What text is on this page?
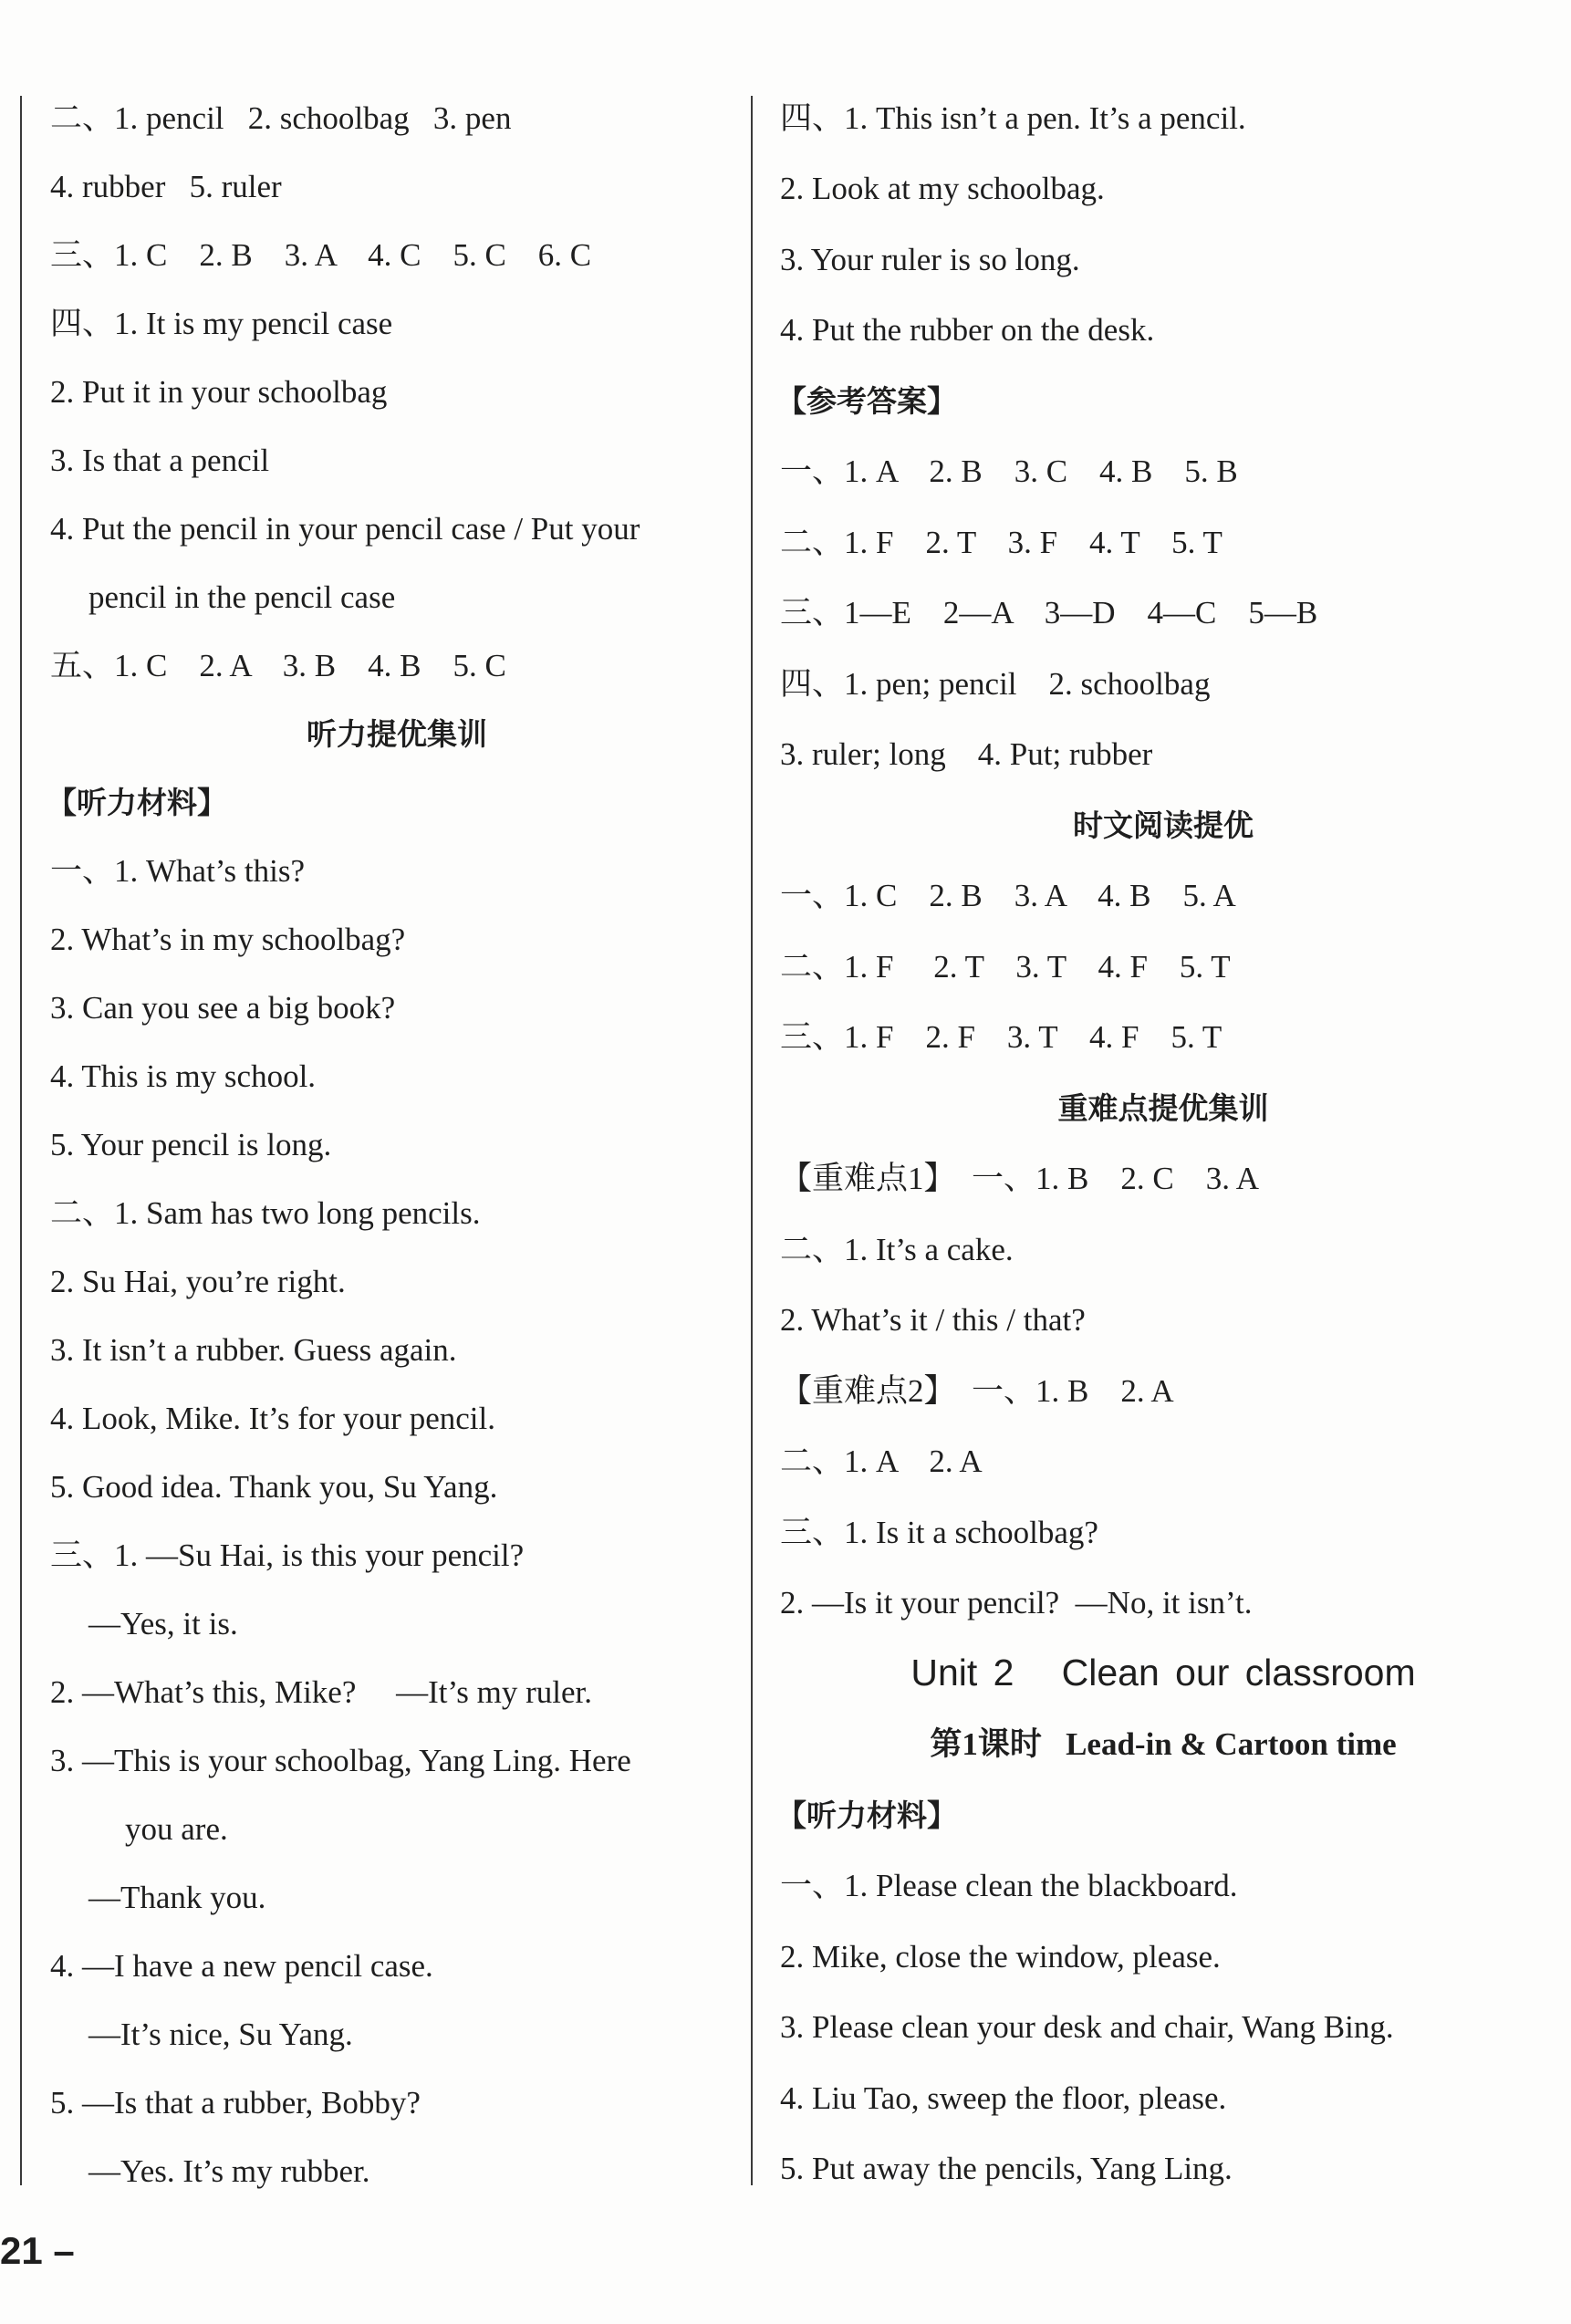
二、1. pencil   2. schoolbag   3. pen
4. rubber   5. ruler
三、1. C    2. B    3. A    4. C    5. C    6. C
四、1. It is my pencil case
2. Put it in your schoolbag
3. Is that a pencil
4. Put the pencil in your pencil case / Put your
pencil in the pencil case
五、1. C    2. A    3. B    4. B    5. C
听力提优集训
【听力材料】
一、1. What’s this?
2. What’s in my schoolbag?
3. Can you see a big book?
4. This is my school.
5. Your pencil is long.
二、1. Sam has two long pencils.
2. Su Hai, you’re right.
3. It isn’t a rubber. Guess again.
4. Look, Mike. It’s for your pencil.
5. Good idea. Thank you, Su Yang.
三、1. —Su Hai, is this your pencil?
—Yes, it is.
2. —What’s this, Mike?     —It’s my ruler.
3. —This is your schoolbag, Yang Ling. Here
you are.
—Thank you.
4. —I have a new pencil case.
—It’s nice, Su Yang.
5. —Is that a rubber, Bobby?
—Yes. It’s my rubber.
四、1. This isn’t a pen. It’s a pencil.
2. Look at my schoolbag.
3. Your ruler is so long.
4. Put the rubber on the desk.
【参考答案】
一、1. A    2. B    3. C    4. B    5. B
二、1. F    2. T    3. F    4. T    5. T
三、1—E    2—A    3—D    4—C    5—B
四、1. pen; pencil    2. schoolbag
3. ruler; long    4. Put; rubber
时文阅读提优
一、1. C    2. B    3. A    4. B    5. A
二、1. F     2. T    3. T    4. F    5. T
三、1. F    2. F    3. T    4. F    5. T
重难点提优集训
【重难点1】  一、1. B    2. C    3. A
二、1. It’s a cake.
2. What’s it / this / that?
【重难点2】  一、1. B    2. A
二、1. A    2. A
三、1. Is it a schoolbag?
2. —Is it your pencil?  —No, it isn’t.
Unit 2   Clean our classroom
第1课时   Lead-in & Cartoon time
【听力材料】
一、1. Please clean the blackboard.
2. Mike, close the window, please.
3. Please clean your desk and chair, Wang Bing.
4. Liu Tao, sweep the floor, please.
5. Put away the pencils, Yang Ling.
21 –
